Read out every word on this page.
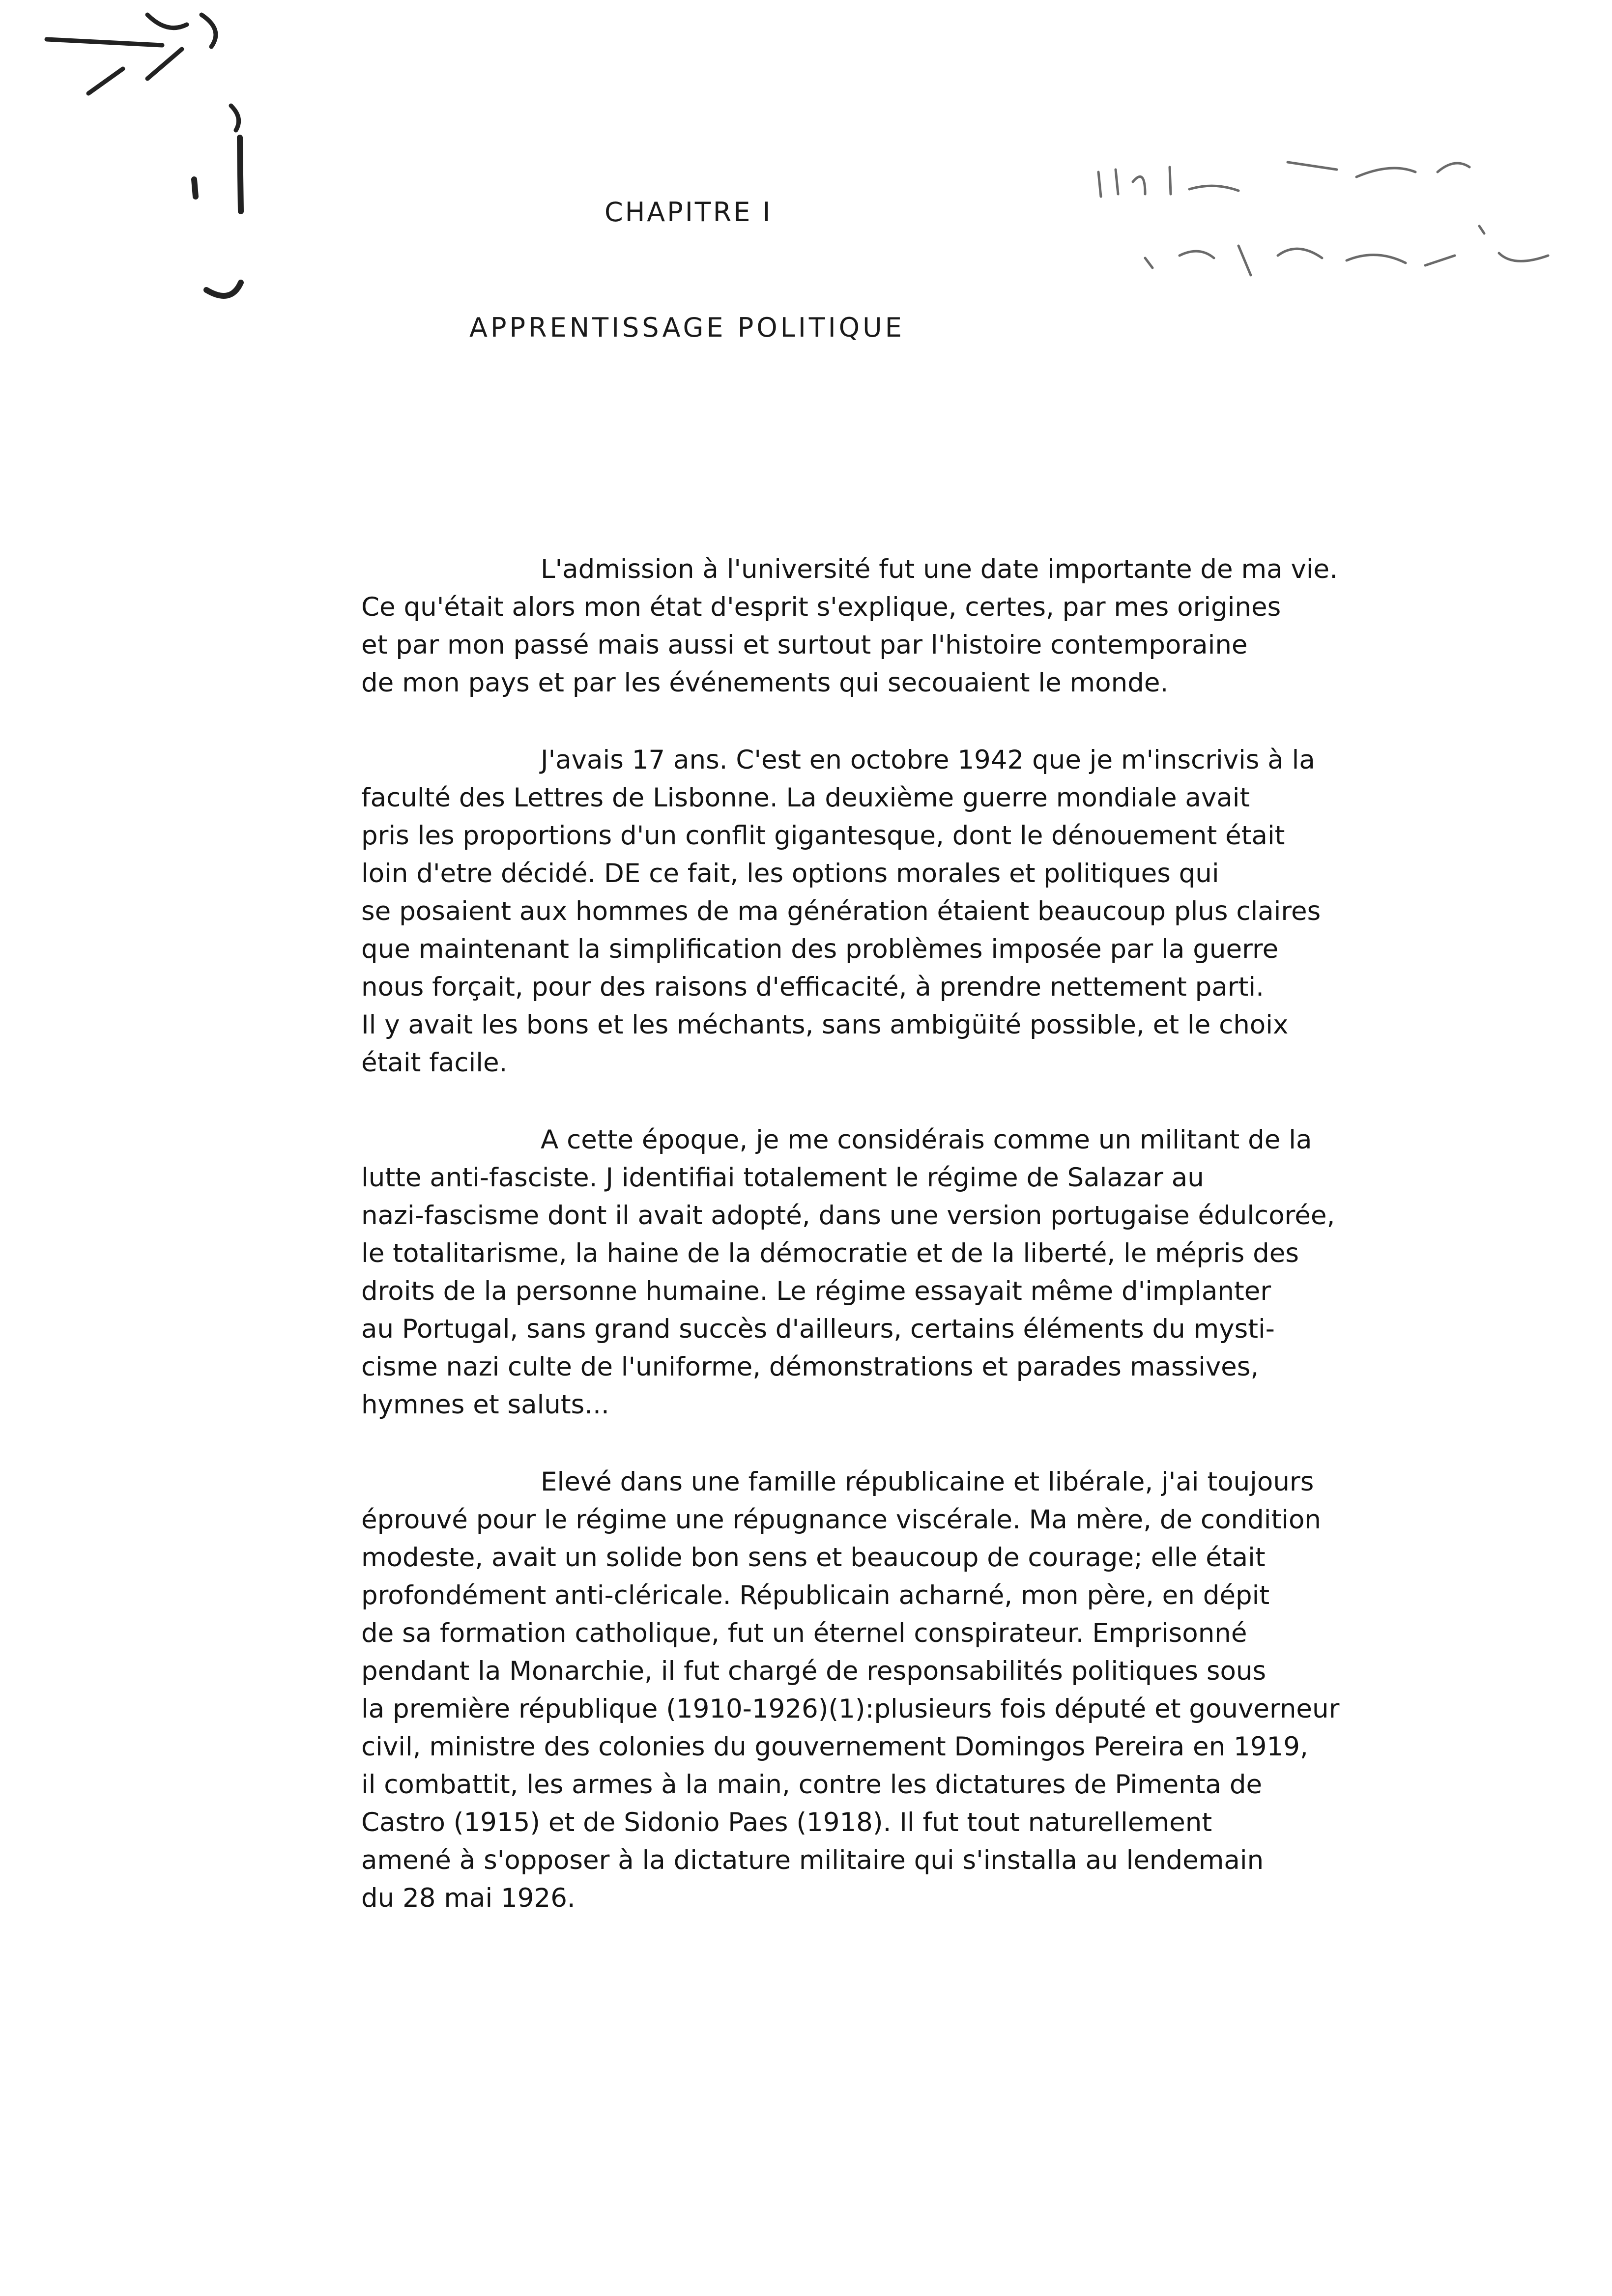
CHAPITRE I
APPRENTISSAGE POLITIQUE
L'admission à l'université fut une date importante de ma vie.
Ce qu'était alors mon état d'esprit s'explique, certes, par mes origines
et par mon passé mais aussi et surtout par l'histoire contemporaine
de mon pays et par les événements qui secouaient le monde.
J'avais 17 ans. C'est en octobre 1942 que je m'inscrivis à la
faculté des Lettres de Lisbonne. La deuxième guerre mondiale avait
pris les proportions d'un conflit gigantesque, dont le dénouement était
loin d'etre décidé. DE ce fait, les options morales et politiques qui
se posaient aux hommes de ma génération étaient beaucoup plus claires
que maintenant la simplification des problèmes imposée par la guerre
nous forçait, pour des raisons d'efficacité, à prendre nettement parti.
Il y avait les bons et les méchants, sans ambigüité possible, et le choix
était facile.
A cette époque, je me considérais comme un militant de la
lutte anti-fasciste. J identifiai totalement le régime de Salazar au
nazi-fascisme dont il avait adopté, dans une version portugaise édulcorée,
le totalitarisme, la haine de la démocratie et de la liberté, le mépris des
droits de la personne humaine. Le régime essayait même d'implanter
au Portugal, sans grand succès d'ailleurs, certains éléments du mysti-
cisme nazi culte de l'uniforme, démonstrations et parades massives,
hymnes et saluts...
Elevé dans une famille républicaine et libérale, j'ai toujours
éprouvé pour le régime une répugnance viscérale. Ma mère, de condition
modeste, avait un solide bon sens et beaucoup de courage; elle était
profondément anti-cléricale. Républicain acharné, mon père, en dépit
de sa formation catholique, fut un éternel conspirateur. Emprisonné
pendant la Monarchie, il fut chargé de responsabilités politiques sous
la première république (1910-1926)(1):plusieurs fois député et gouverneur
civil, ministre des colonies du gouvernement Domingos Pereira en 1919,
il combattit, les armes à la main, contre les dictatures de Pimenta de
Castro (1915) et de Sidonio Paes (1918). Il fut tout naturellement
amené à s'opposer à la dictature militaire qui s'installa au lendemain
du 28 mai 1926.
